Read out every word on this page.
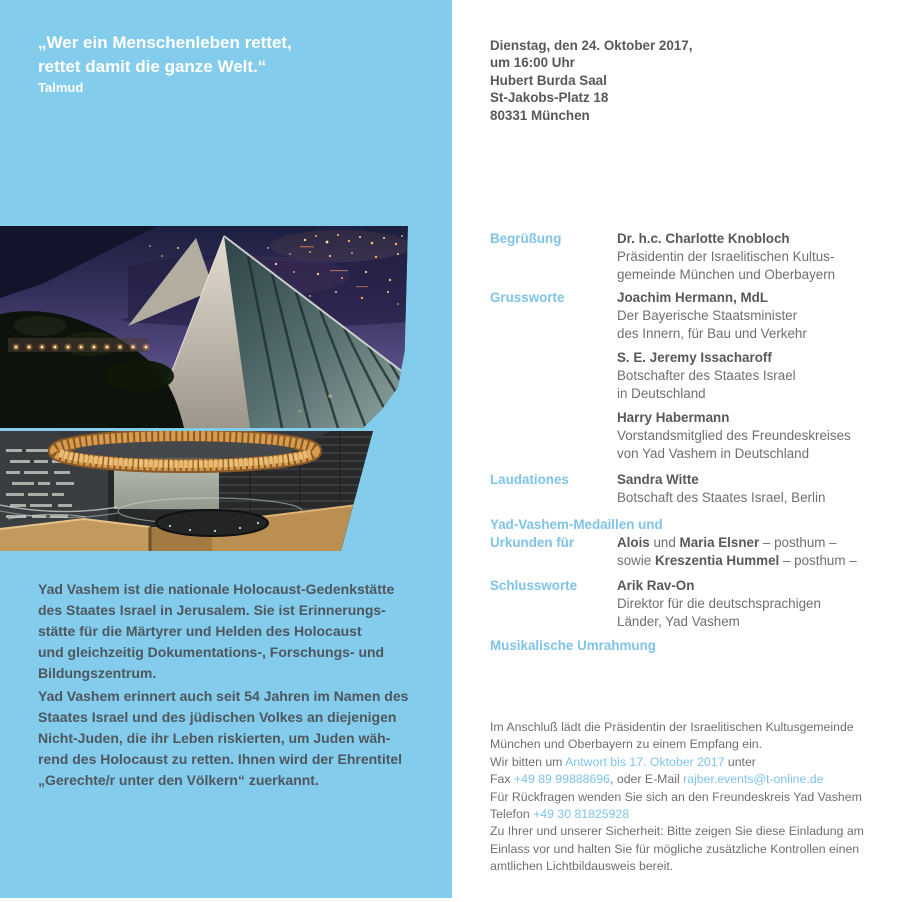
„Wer ein Menschenleben rettet,
rettet damit die ganze Welt.“
Talmud
Yad Vashem ist die nationale Holocaust-Gedenkstätte
des Staates Israel in Jerusalem. Sie ist Erinnerungs-
stätte für die Märtyrer und Helden des Holocaust
und gleichzeitig Dokumentations-, Forschungs- und
Bildungszentrum.
Yad Vashem erinnert auch seit 54 Jahren im Namen des
Staates Israel und des jüdischen Volkes an diejenigen
Nicht-Juden, die ihr Leben riskierten, um Juden wäh-
rend des Holocaust zu retten. Ihnen wird der Ehrentitel
„Gerechte/r unter den Völkern“ zuerkannt.
Dienstag, den 24. Oktober 2017,
um 16:00 Uhr
Hubert Burda Saal
St-Jakobs-Platz 18
80331 München
Begrüßung	Dr. h.c. Charlotte Knobloch
Präsidentin der Israelitischen Kultus-
gemeinde München und Oberbayern
Grussworte	Joachim Hermann, MdL
Der Bayerische Staatsminister
des Innern, für Bau und Verkehr
S. E. Jeremy Issacharoff
Botschafter des Staates Israel
in Deutschland
Harry Habermann
Vorstandsmitglied des Freundeskreises
von Yad Vashem in Deutschland
Laudationes	Sandra Witte
Botschaft des Staates Israel, Berlin
Yad-Vashem-Medaillen und
Urkunden für	Alois und Maria Elsner – posthum –
sowie Kreszentia Hummel – posthum –
Schlussworte	Arik Rav-On
Direktor für die deutschsprachigen
Länder, Yad Vashem
Musikalische Umrahmung
Im Anschluß lädt die Präsidentin der Israelitischen Kultusgemeinde
München und Oberbayern zu einem Empfang ein.
Wir bitten um Antwort bis 17. Oktober 2017 unter
Fax +49 89 99888696, oder E-Mail rajber.events@t-online.de
Für Rückfragen wenden Sie sich an den Freundeskreis Yad Vashem
Telefon +49 30 81825928
Zu Ihrer und unserer Sicherheit: Bitte zeigen Sie diese Einladung am
Einlass vor und halten Sie für mögliche zusätzliche Kontrollen einen
amtlichen Lichtbildausweis bereit.
